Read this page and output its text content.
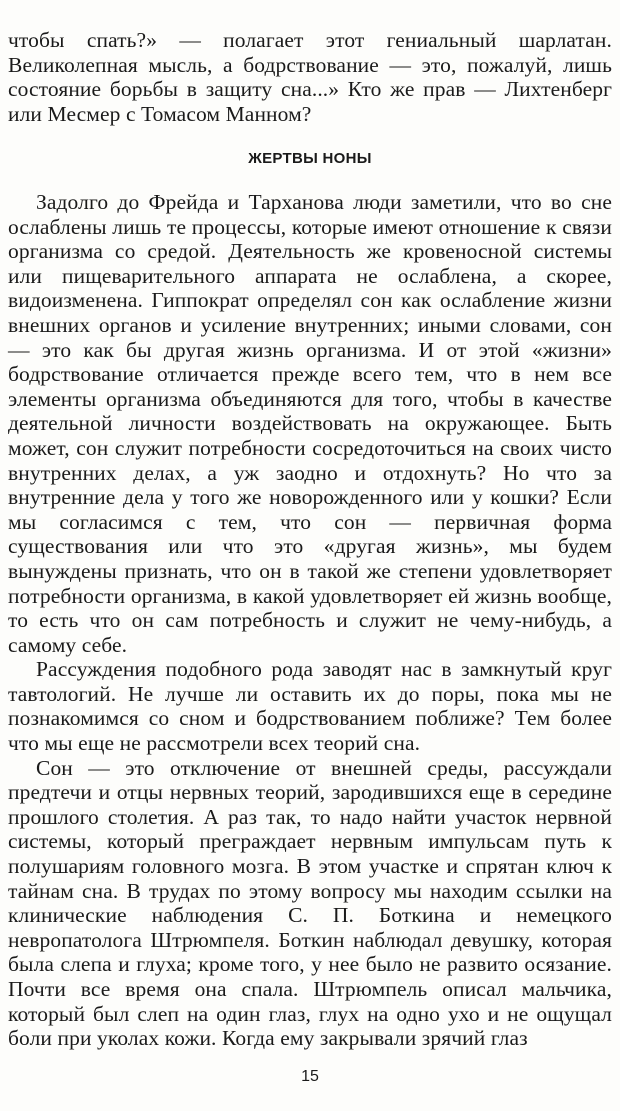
чтобы спать?» — полагает этот гениальный шарлатан. Великолепная мысль, а бодрствование — это, пожалуй, лишь состояние борьбы в защиту сна...» Кто же прав — Лихтенберг или Месмер с Томасом Манном?

ЖЕРТВЫ НОНЫ

Задолго до Фрейда и Тарханова люди заметили, что во сне ослаблены лишь те процессы, которые имеют отношение к связи организма со средой. Деятельность же кровеносной системы или пищеварительного аппарата не ослаблена, а скорее, видоизменена. Гиппократ определял сон как ослабление жизни внешних органов и усиление внутренних; иными словами, сон — это как бы другая жизнь организма. И от этой «жизни» бодрствование отличается прежде всего тем, что в нем все элементы организма объединяются для того, чтобы в качестве деятельной личности воздействовать на окружающее. Быть может, сон служит потребности сосредоточиться на своих чисто внутренних делах, а уж заодно и отдохнуть? Но что за внутренние дела у того же новорожденного или у кошки? Если мы согласимся с тем, что сон — первичная форма существования или что это «другая жизнь», мы будем вынуждены признать, что он в такой же степени удовлетворяет потребности организма, в какой удовлетворяет ей жизнь вообще, то есть что он сам потребность и служит не чему-нибудь, а самому себе.

Рассуждения подобного рода заводят нас в замкнутый круг тавтологий. Не лучше ли оставить их до поры, пока мы не познакомимся со сном и бодрствованием поближе? Тем более что мы еще не рассмотрели всех теорий сна.

Сон — это отключение от внешней среды, рассуждали предтечи и отцы нервных теорий, зародившихся еще в середине прошлого столетия. А раз так, то надо найти участок нервной системы, который преграждает нервным импульсам путь к полушариям головного мозга. В этом участке и спрятан ключ к тайнам сна. В трудах по этому вопросу мы находим ссылки на клинические наблюдения С. П. Боткина и немецкого невропатолога Штрюмпеля. Боткин наблюдал девушку, которая была слепа и глуха; кроме того, у нее было не развито осязание. Почти все время она спала. Штрюмпель описал мальчика, который был слеп на один глаз, глух на одно ухо и не ощущал боли при уколах кожи. Когда ему закрывали зрячий глаз

15
